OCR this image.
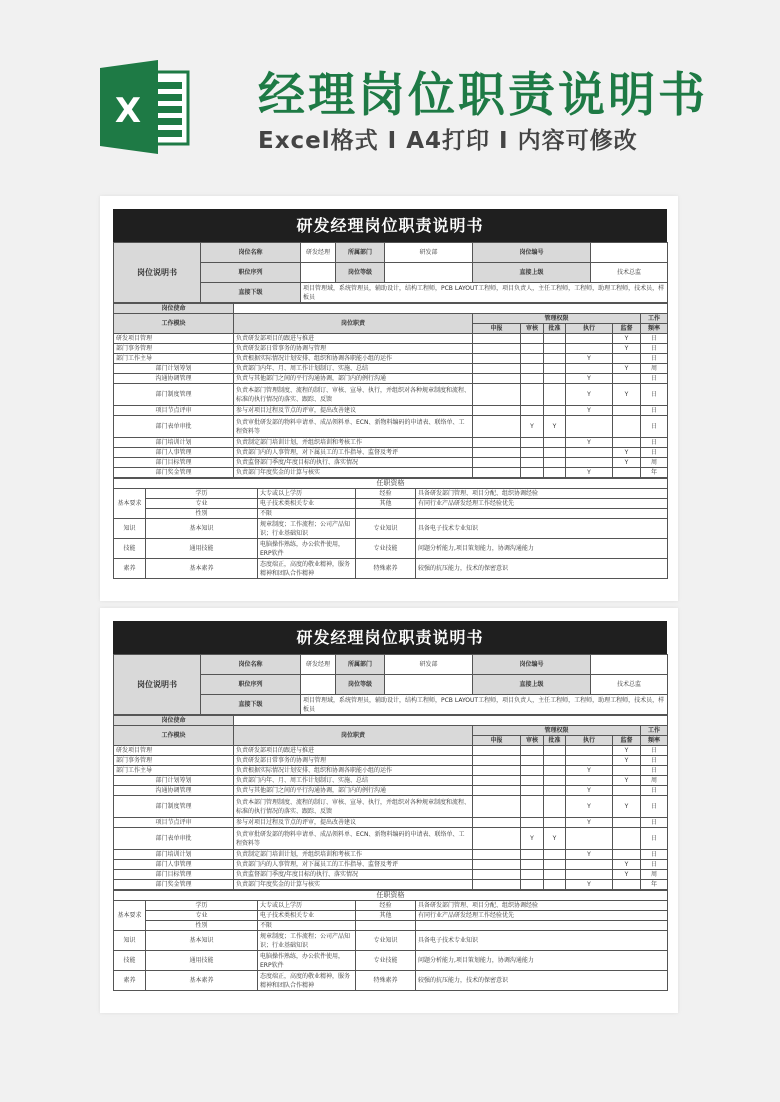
X 经理岗位职责说明书
Excel格式 I A4打印 I 内容可修改
研发经理岗位职责说明书
岗位说明书	岗位名称	研发经理	所属部门	研发部	岗位编号	
	职位序列		岗位等级		直接上级	技术总监
	直接下级	项目管理域，系统管理员，辅助设计，结构工程师，PCB LAYOUT工程师，项目负责人，主任工程师，工程师，助理工程师，技术员，样板员				
岗位使命							
工作模块	岗位职责	管理权限					工作
		申报	审核	批准	执行	监督	频率
研发项目管理	负责研发部项目的跟进与推进					Y	日
部门事务管理	负责研发部日常事务的协调与管理					Y	日
部门工作主导	负责根据实际情况计划安排、组织和协调各职能小组的运作				Y		日
部门计划筹划	负责部门内年、月、周工作计划制订、实施、总结					Y	周
沟通协调管理	负责与其他部门之间的平行沟通协调，部门内的例行沟通				Y		日
部门制度管理	负责本部门管理制度、流程的制订、审核、宣导、执行，并组织对各种规章制度和流程、标准的执行情况的落实、跟踪、反馈				Y	Y	日
项目节点评审	参与对项目过程及节点的评审，提出改善建议				Y		日
部门表单审批	负责审批研发部的物料申请单、成品领料单、ECN、新物料编码的申请表、联络单、工程资料等		Y	Y			日
部门培训计划	负责制定部门培训计划，并组织培训和考核工作				Y		日
部门人事管理	负责部门内的人事管理，对下属员工的工作指导、监督及考评					Y	日
部门目标管理	负责监督部门季度/年度目标的执行、落实情况					Y	周
部门奖金管理	负责部门年度奖金的计算与核实				Y		年
任职资格				
基本要求	学历	大专或以上学历	经验	具备研发部门管理、项目分配、组织协调经验
	专业	电子技术类相关专业	其他	有同行业产品研发经理工作经验优先
	性别	不限		
知识	基本知识	规章制度；工作流程；公司产品知识；行业基础知识	专业知识	具备电子技术专业知识
技能	通用技能	电脑操作熟练，办公软件使用，ERP软件	专业技能	问题分析能力,项目策划能力，协调沟通能力
素养	基本素养	态度端正，高度的敬业精神，服务精神和团队合作精神	特殊素养	较强的抗压能力，技术的保密意识
研发经理岗位职责说明书
岗位说明书	岗位名称	研发经理	所属部门	研发部	岗位编号	
	职位序列		岗位等级		直接上级	技术总监
	直接下级	项目管理域，系统管理员，辅助设计，结构工程师，PCB LAYOUT工程师，项目负责人，主任工程师，工程师，助理工程师，技术员，样板员				
岗位使命							
工作模块	岗位职责	管理权限					工作
		申报	审核	批准	执行	监督	频率
研发项目管理	负责研发部项目的跟进与推进					Y	日
部门事务管理	负责研发部日常事务的协调与管理					Y	日
部门工作主导	负责根据实际情况计划安排、组织和协调各职能小组的运作				Y		日
部门计划筹划	负责部门内年、月、周工作计划制订、实施、总结					Y	周
沟通协调管理	负责与其他部门之间的平行沟通协调，部门内的例行沟通				Y		日
部门制度管理	负责本部门管理制度、流程的制订、审核、宣导、执行，并组织对各种规章制度和流程、标准的执行情况的落实、跟踪、反馈				Y	Y	日
项目节点评审	参与对项目过程及节点的评审，提出改善建议				Y		日
部门表单审批	负责审批研发部的物料申请单、成品领料单、ECN、新物料编码的申请表、联络单、工程资料等		Y	Y			日
部门培训计划	负责制定部门培训计划，并组织培训和考核工作				Y		日
部门人事管理	负责部门内的人事管理，对下属员工的工作指导、监督及考评					Y	日
部门目标管理	负责监督部门季度/年度目标的执行、落实情况					Y	周
部门奖金管理	负责部门年度奖金的计算与核实				Y		年
任职资格				
基本要求	学历	大专或以上学历	经验	具备研发部门管理、项目分配、组织协调经验
	专业	电子技术类相关专业	其他	有同行业产品研发经理工作经验优先
	性别	不限		
知识	基本知识	规章制度；工作流程；公司产品知识；行业基础知识	专业知识	具备电子技术专业知识
技能	通用技能	电脑操作熟练，办公软件使用，ERP软件	专业技能	问题分析能力,项目策划能力，协调沟通能力
素养	基本素养	态度端正，高度的敬业精神，服务精神和团队合作精神	特殊素养	较强的抗压能力，技术的保密意识
